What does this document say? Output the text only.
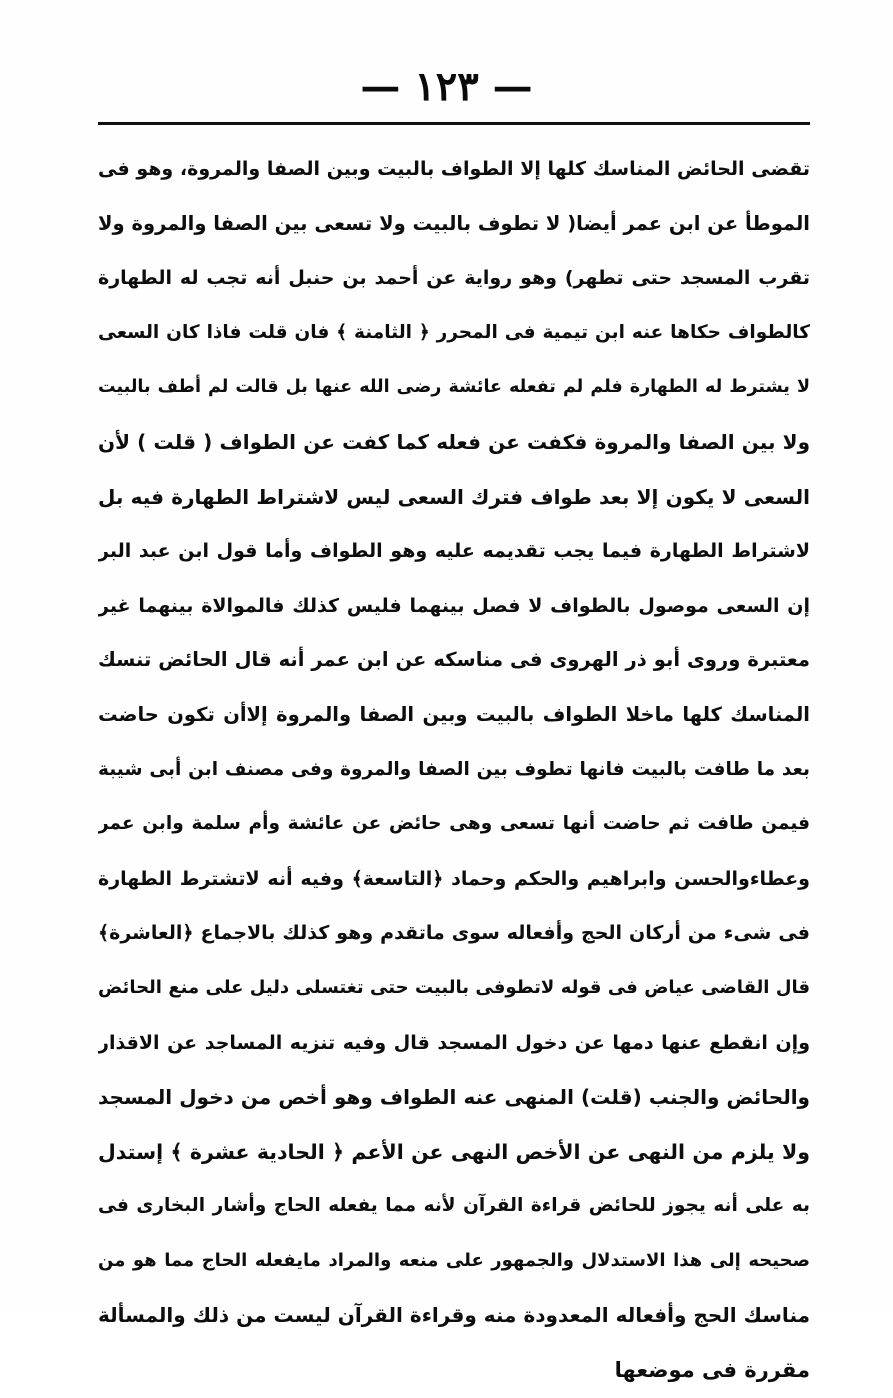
— ١٢٣ —
تقضى الحائض المناسك كلها إلا الطواف بالبيت وبين الصفا والمروة، وهو فى
الموطأ عن ابن عمر أيضا( لا تطوف بالبيت ولا تسعى بين الصفا والمروة ولا
تقرب المسجد حتى تطهر) وهو رواية عن أحمد بن حنبل أنه تجب له الطهارة
كالطواف حكاها عنه ابن تيمية فى المحرر ﴿ الثامنة ﴾ فان قلت فاذا كان السعى
لا يشترط له الطهارة فلم لم تفعله عائشة رضى الله عنها بل قالت لم أطف بالبيت
ولا بين الصفا والمروة فكفت عن فعله كما كفت عن الطواف ( قلت ) لأن
السعى لا يكون إلا بعد طواف فترك السعى ليس لاشتراط الطهارة فيه بل
لاشتراط الطهارة فيما يجب تقديمه عليه وهو الطواف وأما قول ابن عبد البر
إن السعى موصول بالطواف لا فصل بينهما فليس كذلك فالموالاة بينهما غير
معتبرة وروى أبو ذر الهروى فى مناسكه عن ابن عمر أنه قال الحائض تنسك
المناسك كلها ماخلا الطواف بالبيت وبين الصفا والمروة إلاأن تكون حاضت
بعد ما طافت بالبيت فانها تطوف بين الصفا والمروة وفى مصنف ابن أبى شيبة
فيمن طافت ثم حاضت أنها تسعى وهى حائض عن عائشة وأم سلمة وابن عمر
وعطاءوالحسن وابراهيم والحكم وحماد ﴿التاسعة﴾ وفيه أنه لاتشترط الطهارة
فى شىء من أركان الحج وأفعاله سوى ماتقدم وهو كذلك بالاجماع ﴿العاشرة﴾
قال القاضى عياض فى قوله لاتطوفى بالبيت حتى تغتسلى دليل على منع الحائض
وإن انقطع عنها دمها عن دخول المسجد قال وفيه تنزيه المساجد عن الاقذار
والحائض والجنب (قلت) المنهى عنه الطواف وهو أخص من دخول المسجد
ولا يلزم من النهى عن الأخص النهى عن الأعم ﴿ الحادية عشرة ﴾ إستدل
به على أنه يجوز للحائض قراءة القرآن لأنه مما يفعله الحاج وأشار البخارى فى
صحيحه إلى هذا الاستدلال والجمهور على منعه والمراد مايفعله الحاج مما هو من
مناسك الحج وأفعاله المعدودة منه وقراءة القرآن ليست من ذلك والمسألة
مقررة فى موضعها
